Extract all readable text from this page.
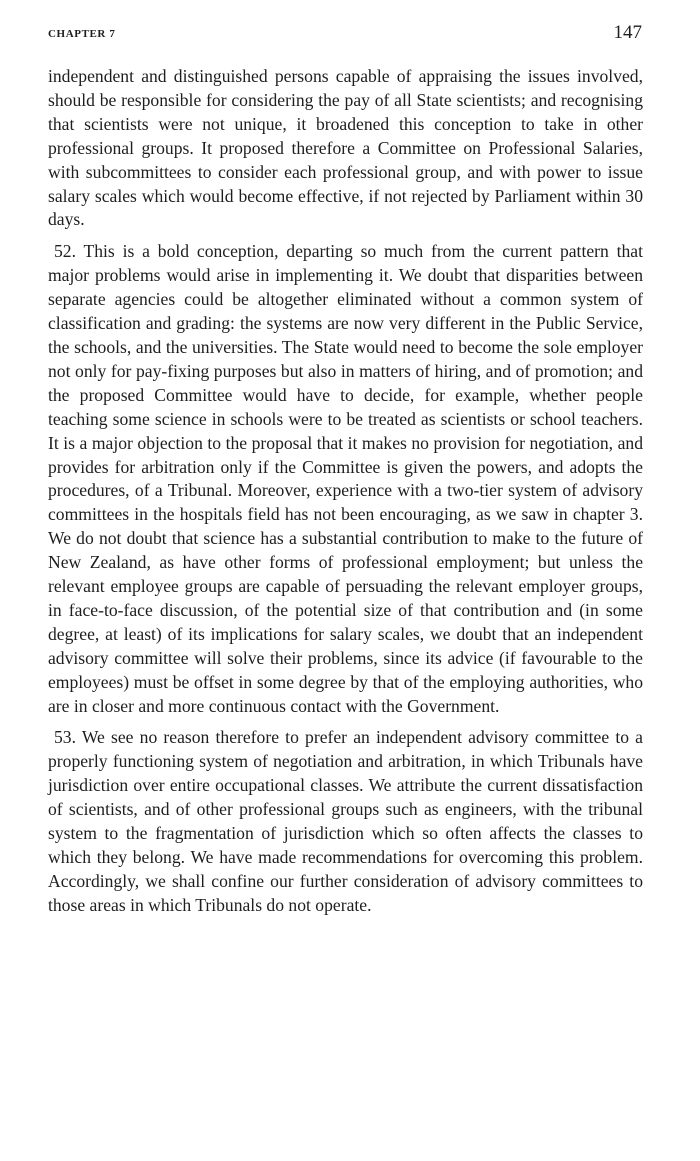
CHAPTER 7	147

independent and distinguished persons capable of appraising the issues involved, should be responsible for considering the pay of all State scientists; and recognising that scientists were not unique, it broadened this conception to take in other professional groups. It proposed therefore a Committee on Professional Salaries, with subcommittees to consider each professional group, and with power to issue salary scales which would become effective, if not rejected by Parliament within 30 days.

52. This is a bold conception, departing so much from the current pattern that major problems would arise in implementing it. We doubt that disparities between separate agencies could be altogether eliminated without a common system of classification and grading: the systems are now very different in the Public Service, the schools, and the universities. The State would need to become the sole employer not only for pay-fixing purposes but also in matters of hiring, and of promotion; and the proposed Committee would have to decide, for example, whether people teaching some science in schools were to be treated as scientists or school teachers. It is a major objection to the proposal that it makes no provision for negotiation, and provides for arbitration only if the Committee is given the powers, and adopts the procedures, of a Tribunal. Moreover, experience with a two-tier system of advisory committees in the hospitals field has not been encouraging, as we saw in chapter 3. We do not doubt that science has a substantial contribution to make to the future of New Zealand, as have other forms of professional employment; but unless the relevant employee groups are capable of persuading the relevant employer groups, in face-to-face discussion, of the potential size of that contribution and (in some degree, at least) of its implications for salary scales, we doubt that an independent advisory committee will solve their problems, since its advice (if favourable to the employees) must be offset in some degree by that of the employing authorities, who are in closer and more continuous contact with the Government.

53. We see no reason therefore to prefer an independent advisory committee to a properly functioning system of negotiation and arbitration, in which Tribunals have jurisdiction over entire occupational classes. We attribute the current dissatisfaction of scientists, and of other professional groups such as engineers, with the tribunal system to the fragmentation of jurisdiction which so often affects the classes to which they belong. We have made recommendations for overcoming this problem. Accordingly, we shall confine our further consideration of advisory committees to those areas in which Tribunals do not operate.
